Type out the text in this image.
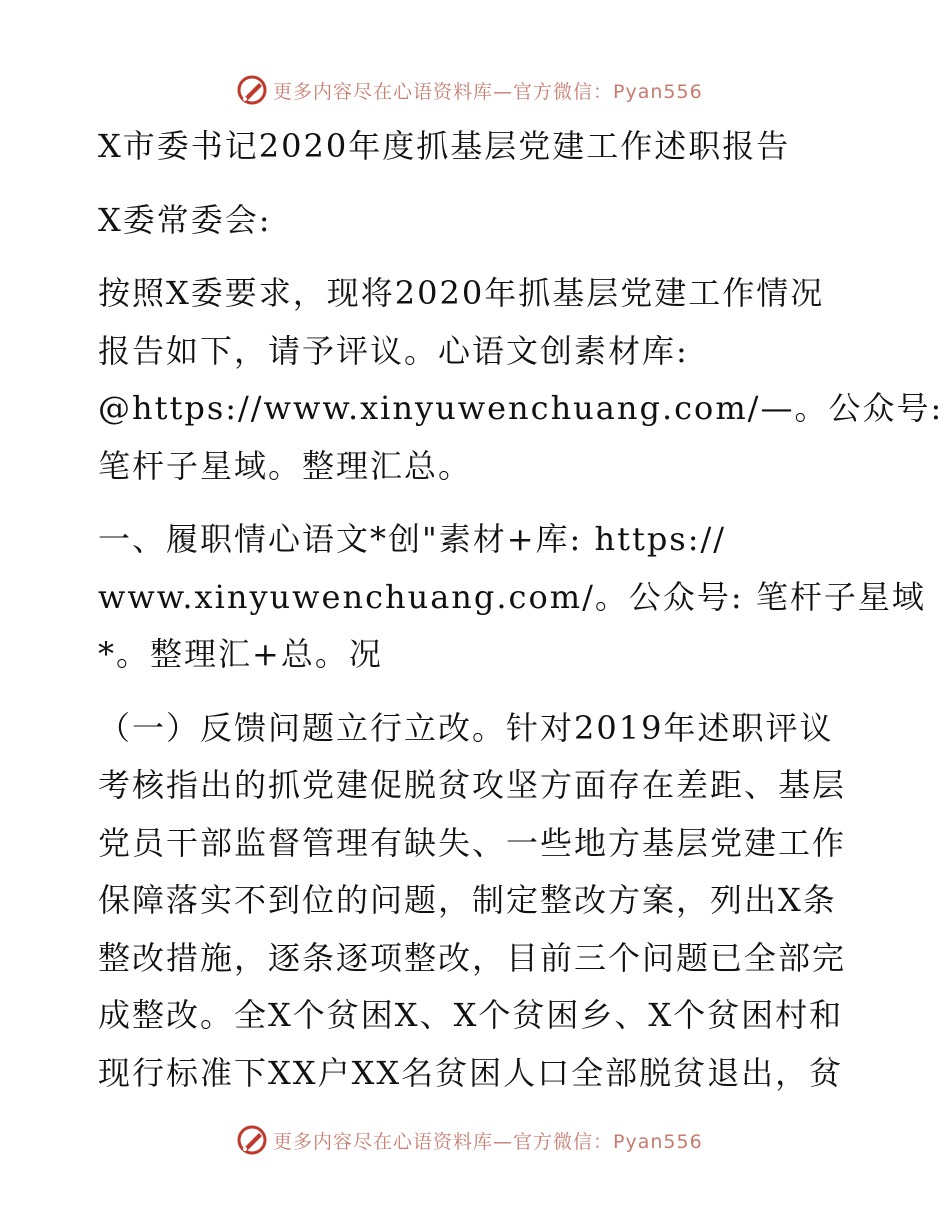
更多内容尽在心语资料库—官方微信：Pyan556
X市委书记2020年度抓基层党建工作述职报告
X委常委会:
按照X委要求，现将2020年抓基层党建工作情况
报告如下，请予评议。心语文创素材库:
@https://www.xinyuwenchuang.com/—。公众号:
笔杆子星域。整理汇总。
一、履职情心语文*创"素材+库: https://
www.xinyuwenchuang.com/。公众号: 笔杆子星域
*。整理汇+总。况
（一）反馈问题立行立改。针对2019年述职评议
考核指出的抓党建促脱贫攻坚方面存在差距、基层
党员干部监督管理有缺失、一些地方基层党建工作
保障落实不到位的问题，制定整改方案，列出X条
整改措施，逐条逐项整改，目前三个问题已全部完
成整改。全X个贫困X、X个贫困乡、X个贫困村和
现行标准下XX户XX名贫困人口全部脱贫退出，贫
更多内容尽在心语资料库—官方微信：Pyan556
